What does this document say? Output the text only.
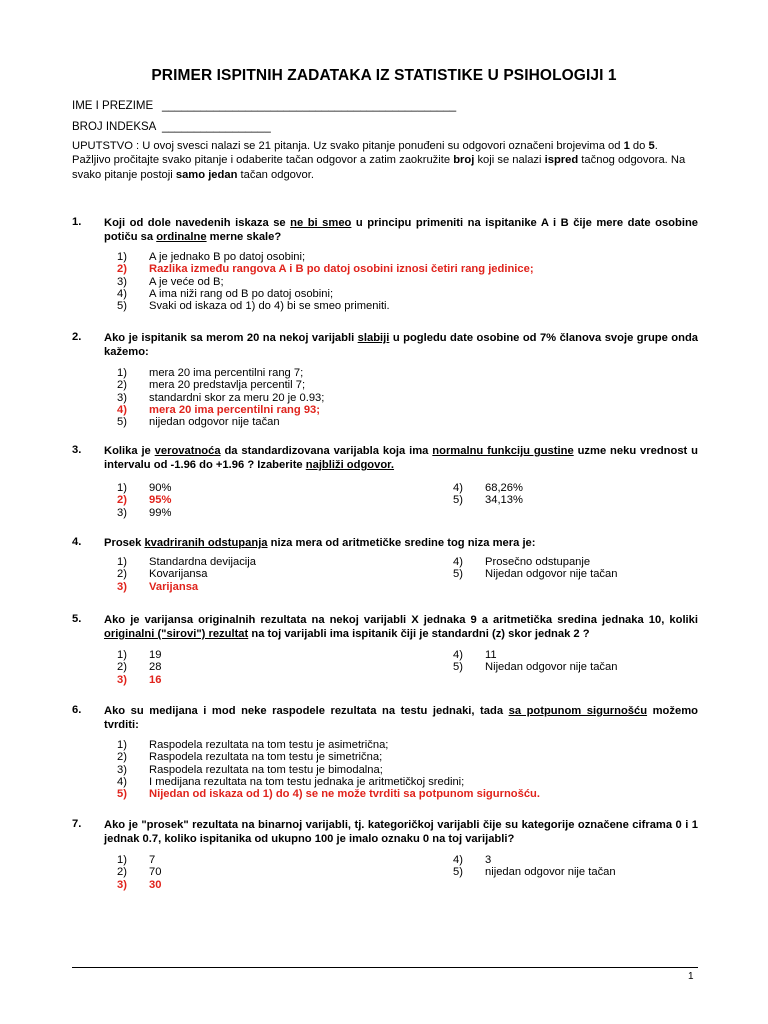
PRIMER ISPITNIH ZADATAKA IZ STATISTIKE U PSIHOLOGIJI 1
IME I PREZIME ______________________________________________
BROJ INDEKSA _________________
UPUTSTVO : U ovoj svesci nalazi se 21 pitanja. Uz svako pitanje ponuđeni su odgovori označeni brojevima od 1 do 5. Pažljivo pročitajte svako pitanje i odaberite tačan odgovor a zatim zaokružite broj koji se nalazi ispred tačnog odgovora. Na svako pitanje postoji samo jedan tačan odgovor.
1. Koji od dole navedenih iskaza se ne bi smeo u principu primeniti na ispitanike A i B čije mere date osobine potiču sa ordinalne merne skale?
1) A je jednako B po datoj osobini;
2) Razlika između rangova A i B po datoj osobini iznosi četiri rang jedinice;
3) A je veće od B;
4) A ima niži rang od B po datoj osobini;
5) Svaki od iskaza od 1) do 4) bi se smeo primeniti.
2. Ako je ispitanik sa merom 20 na nekoj varijabli slabiji u pogledu date osobine od 7% članova svoje grupe onda kažemo:
1) mera 20 ima percentilni rang 7;
2) mera 20 predstavlja percentil 7;
3) standardni skor za meru 20 je 0.93;
4) mera 20 ima percentilni rang 93;
5) nijedan odgovor nije tačan
3. Kolika je verovatnoća da standardizovana varijabla koja ima normalnu funkciju gustine uzme neku vrednost u intervalu od -1.96 do +1.96 ? Izaberite najbliži odgovor.
1) 90%
2) 95%
3) 99%
4) 68,26%
5) 34,13%
4. Prosek kvadriranih odstupanja niza mera od aritmetičke sredine tog niza mera je:
1) Standardna devijacija
2) Kovarijansa
3) Varijansa
4) Prosečno odstupanje
5) Nijedan odgovor nije tačan
5. Ako je varijansa originalnih rezultata na nekoj varijabli X jednaka 9 a aritmetička sredina jednaka 10, koliki originalni ("sirovi") rezultat na toj varijabli ima ispitanik čiji je standardni (z) skor jednak 2 ?
1) 19
2) 28
3) 16
4) 11
5) Nijedan odgovor nije tačan
6. Ako su medijana i mod neke raspodele rezultata na testu jednaki, tada sa potpunom sigurnošću možemo tvrditi:
1) Raspodela rezultata na tom testu je asimetrična;
2) Raspodela rezultata na tom testu je simetrična;
3) Raspodela rezultata na tom testu je bimodalna;
4) I medijana rezultata na tom testu jednaka je aritmetičkoj sredini;
5) Nijedan od iskaza od 1) do 4) se ne može tvrditi sa potpunom sigurnošću.
7. Ako je "prosek" rezultata na binarnoj varijabli, tj. kategoričkoj varijabli čije su kategorije označene ciframa 0 i 1 jednak 0.7, koliko ispitanika od ukupno 100 je imalo oznaku 0 na toj varijabli?
1) 7
2) 70
3) 30
4) 3
5) nijedan odgovor nije tačan
1
